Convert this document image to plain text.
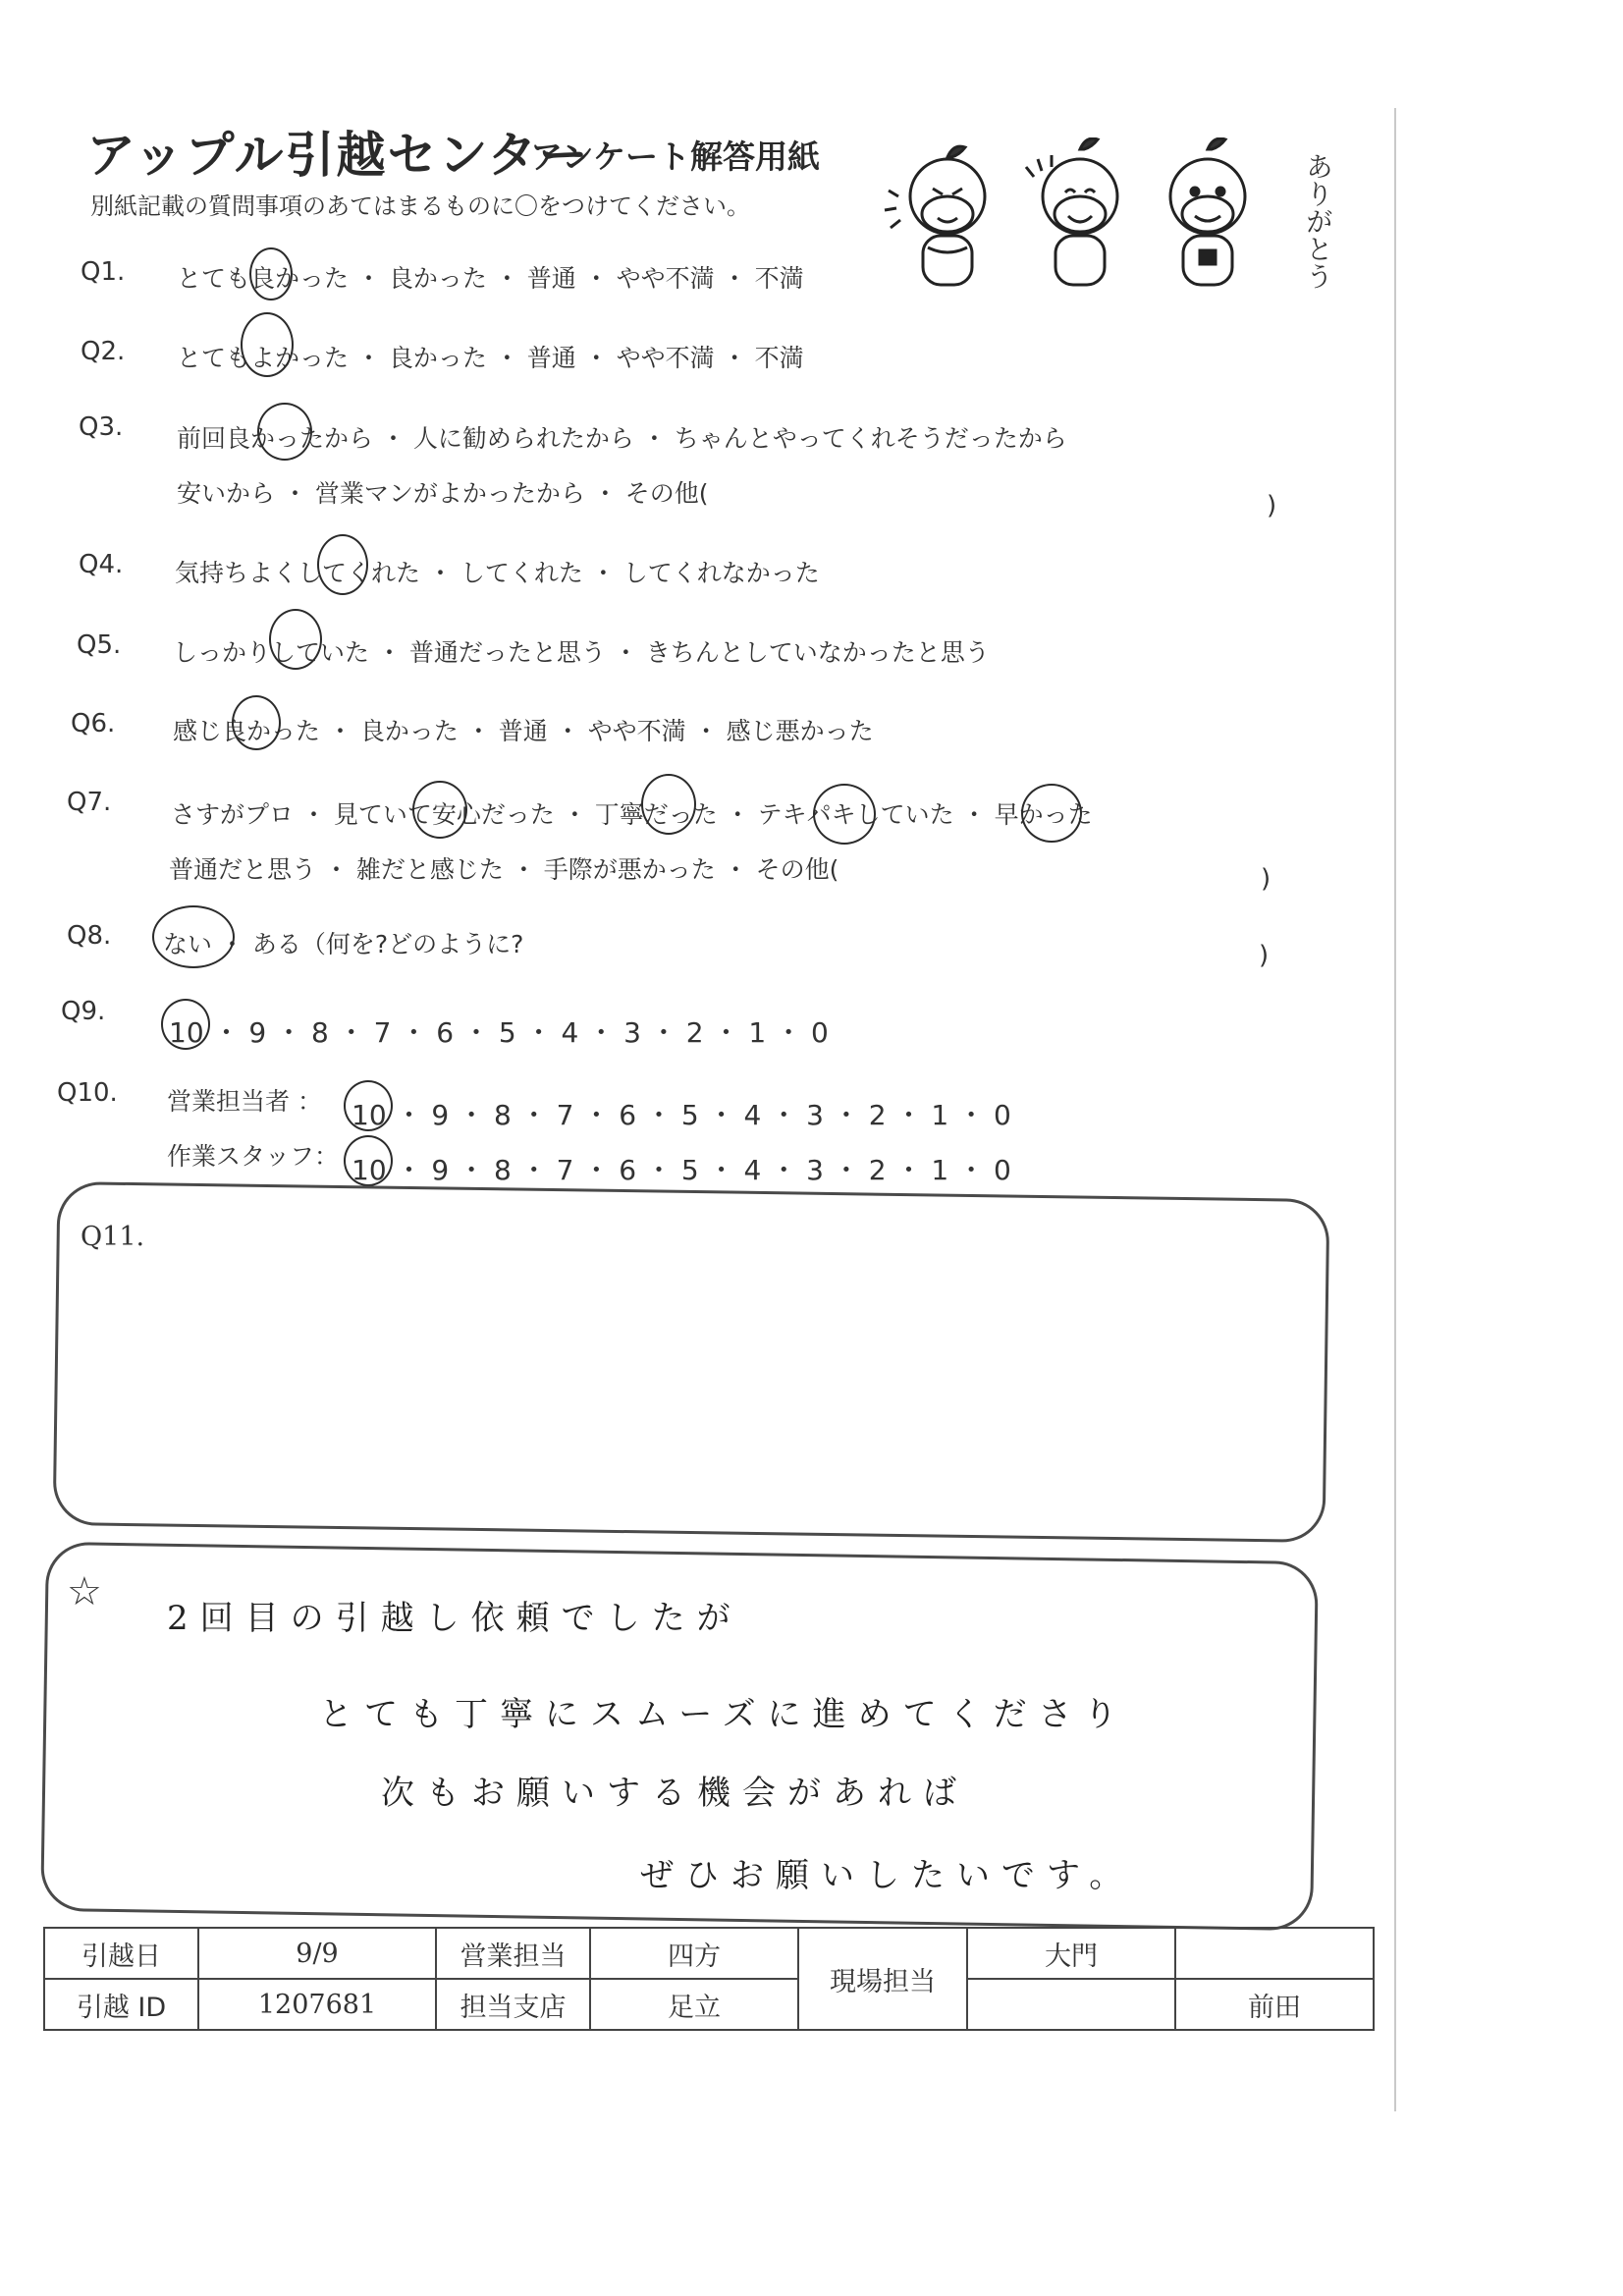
アップル引越センター
アンケート解答用紙
別紙記載の質問事項のあてはまるものに〇をつけてください。	ありがとう
Q1. とても良かった ・ 良かった ・ 普通 ・ やや不満 ・ 不満
Q2. とてもよかった ・ 良かった ・ 普通 ・ やや不満 ・ 不満
Q3. 前回良かったから ・ 人に勧められたから ・ ちゃんとやってくれそうだったから
安いから ・ 営業マンがよかったから ・ その他(	)
Q4. 気持ちよくしてくれた ・ してくれた ・ してくれなかった
Q5. しっかりしていた ・ 普通だったと思う ・ きちんとしていなかったと思う
Q6. 感じ良かった ・ 良かった ・ 普通 ・ やや不満 ・ 感じ悪かった
Q7. さすがプロ ・ 見ていて安心だった ・ 丁寧だった ・ テキパキしていた ・ 早かった
普通だと思う ・ 雑だと感じた ・ 手際が悪かった ・ その他(	)
Q8. ない ・ ある（何を?どのように?	)
Q9.
10 ・ 9 ・ 8 ・ 7 ・ 6 ・ 5 ・ 4 ・ 3 ・ 2 ・ 1 ・ 0
Q10. 営業担当者 ： 10 ・ 9 ・ 8 ・ 7 ・ 6 ・ 5 ・ 4 ・ 3 ・ 2 ・ 1 ・ 0
作業スタッフ： 10 ・ 9 ・ 8 ・ 7 ・ 6 ・ 5 ・ 4 ・ 3 ・ 2 ・ 1 ・ 0
Q11.
☆
2回目の引越し依頼でしたが
とても丁寧にスムーズに進めてくださり
次もお願いする機会があれば
ぜひお願いしたいです。
引越日	9/9	営業担当	四方	現場担当	大門	
引越 ID	1207681	担当支店	足立			前田
